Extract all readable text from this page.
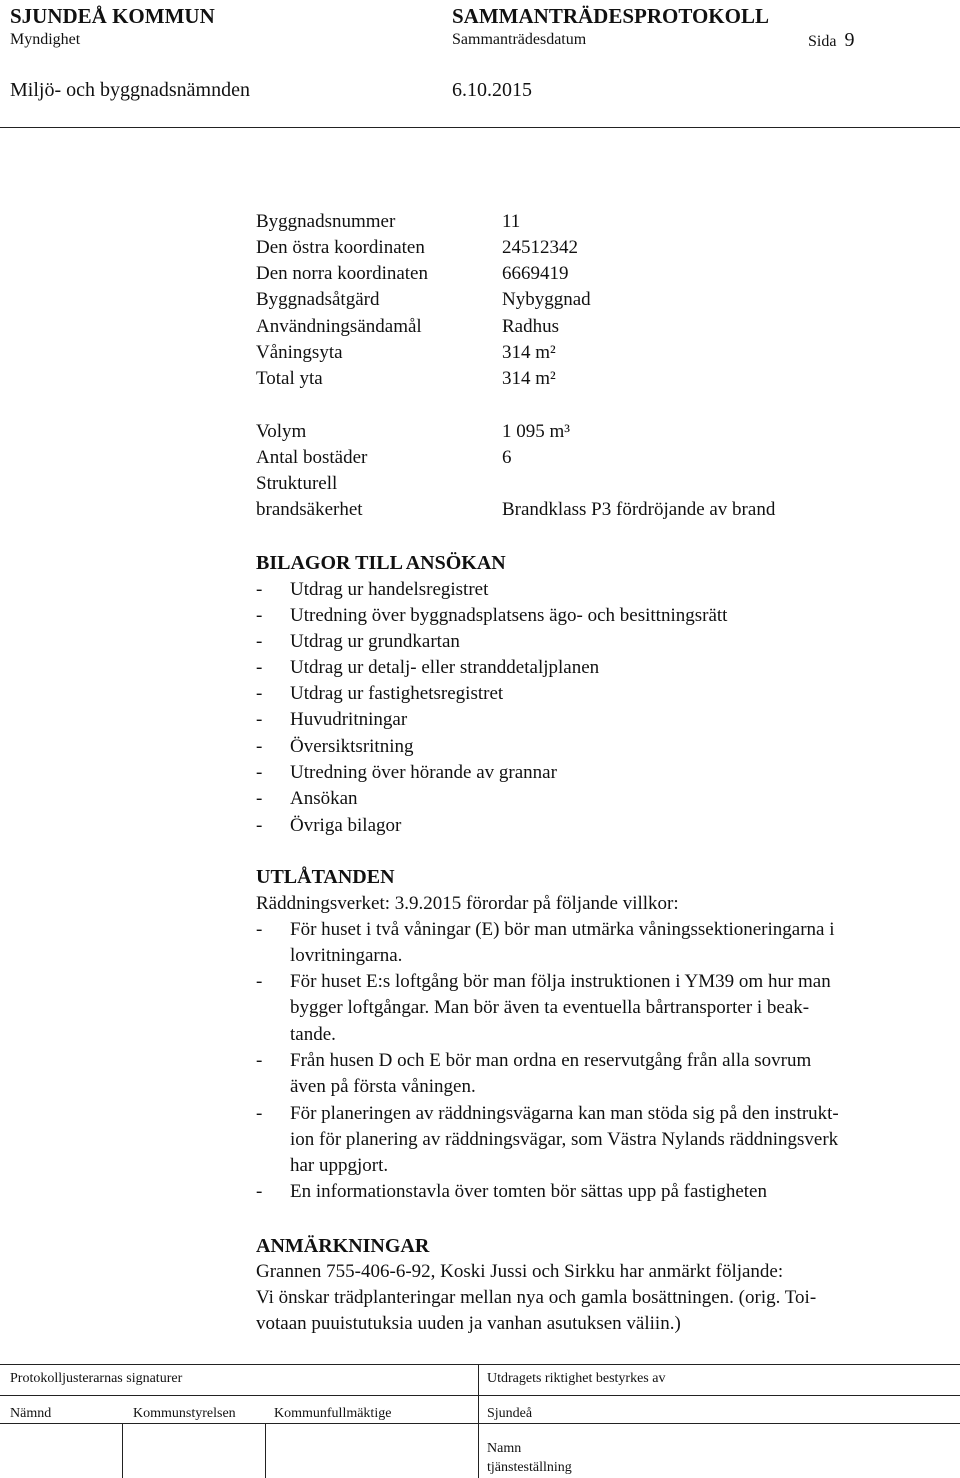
SJUNDEÅ KOMMUN	SAMMANTRÄDESPROTOKOLL
Myndighet	Sammanträdesdatum	Sida 9
Miljö- och byggnadsnämnden	6.10.2015
Byggnadsnummer	11
Den östra koordinaten	24512342
Den norra koordinaten	6669419
Byggnadsåtgärd	Nybyggnad
Användningsändamål	Radhus
Våningsyta	314 m²
Total yta	314 m²
Volym	1 095 m³
Antal bostäder	6
Strukturell
brandsäkerhet	Brandklass P3 fördröjande av brand
BILAGOR TILL ANSÖKAN
- Utdrag ur handelsregistret
- Utredning över byggnadsplatsens ägo- och besittningsrätt
- Utdrag ur grundkartan
- Utdrag ur detalj- eller stranddetaljplanen
- Utdrag ur fastighetsregistret
- Huvudritningar
- Översiktsritning
- Utredning över hörande av grannar
- Ansökan
- Övriga bilagor
UTLÅTANDEN
Räddningsverket: 3.9.2015 förordar på följande villkor:
- För huset i två våningar (E) bör man utmärka våningssektioneringarna i
lovritningarna.
- För huset E:s loftgång bör man följa instruktionen i YM39 om hur man
bygger loftgångar. Man bör även ta eventuella bårtransporter i beak-
tande.
- Från husen D och E bör man ordna en reservutgång från alla sovrum
även på första våningen.
- För planeringen av räddningsvägarna kan man stöda sig på den instrukt-
ion för planering av räddningsvägar, som Västra Nylands räddningsverk
har uppgjort.
- En informationstavla över tomten bör sättas upp på fastigheten
ANMÄRKNINGAR
Grannen 755-406-6-92, Koski Jussi och Sirkku har anmärkt följande:
Vi önskar trädplanteringar mellan nya och gamla bosättningen. (orig. Toi-
votaan puuistutuksia uuden ja vanhan asutuksen väliin.)
Protokolljusterarnas signaturer	Utdragets riktighet bestyrkes av
Nämnd	Kommunstyrelsen	Kommunfullmäktige	Sjundeå
Namn
tjänsteställning
